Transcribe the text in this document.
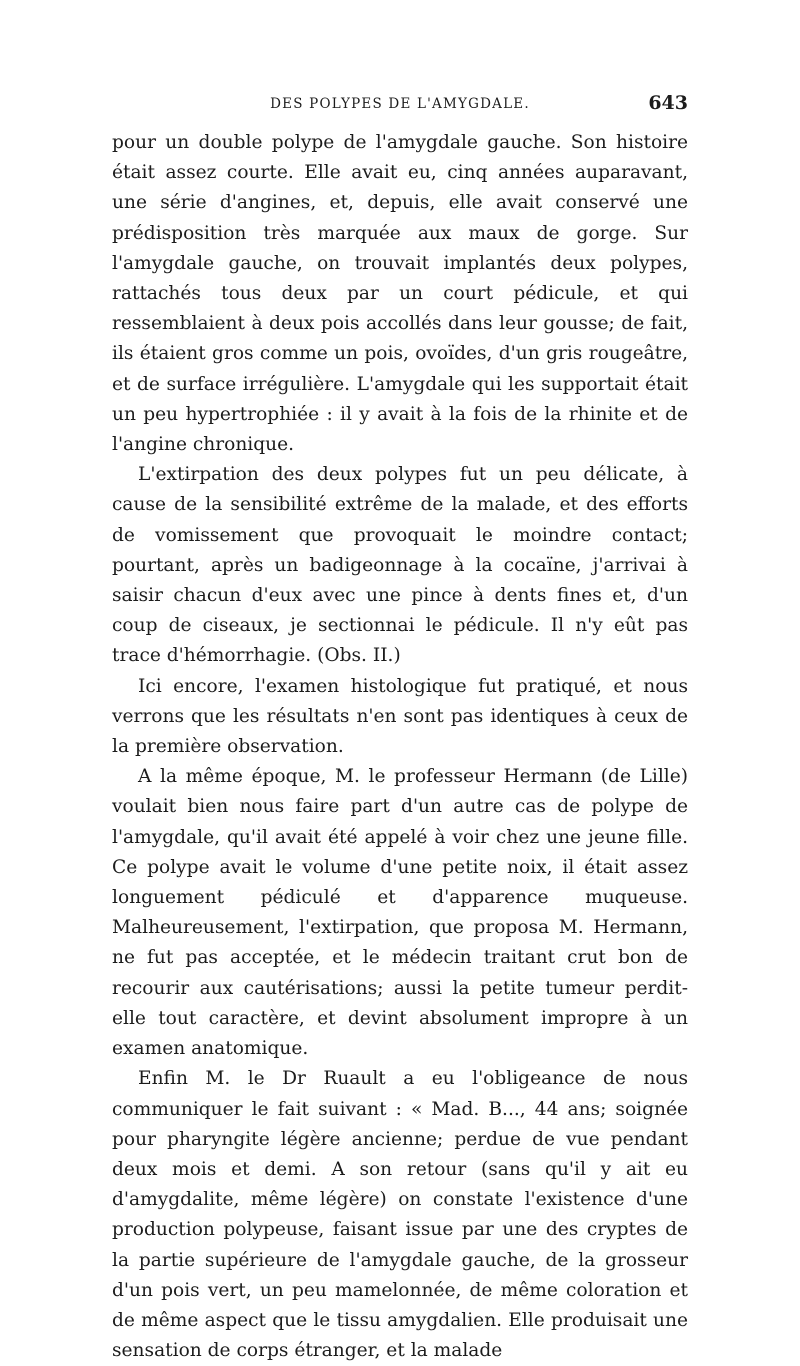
DES POLYPES DE L'AMYGDALE.	643

pour un double polype de l'amygdale gauche. Son histoire était assez courte. Elle avait eu, cinq années auparavant, une série d'angines, et, depuis, elle avait conservé une prédisposition très marquée aux maux de gorge. Sur l'amygdale gauche, on trouvait implantés deux polypes, rattachés tous deux par un court pédicule, et qui ressemblaient à deux pois accollés dans leur gousse; de fait, ils étaient gros comme un pois, ovoïdes, d'un gris rougeâtre, et de surface irrégulière. L'amygdale qui les supportait était un peu hypertrophiée : il y avait à la fois de la rhinite et de l'angine chronique.

L'extirpation des deux polypes fut un peu délicate, à cause de la sensibilité extrême de la malade, et des efforts de vomissement que provoquait le moindre contact; pourtant, après un badigeonnage à la cocaïne, j'arrivai à saisir chacun d'eux avec une pince à dents fines et, d'un coup de ciseaux, je sectionnai le pédicule. Il n'y eût pas trace d'hémorrhagie. (Obs. II.)

Ici encore, l'examen histologique fut pratiqué, et nous verrons que les résultats n'en sont pas identiques à ceux de la première observation.

A la même époque, M. le professeur Hermann (de Lille) voulait bien nous faire part d'un autre cas de polype de l'amygdale, qu'il avait été appelé à voir chez une jeune fille. Ce polype avait le volume d'une petite noix, il était assez longuement pédiculé et d'apparence muqueuse. Malheureusement, l'extirpation, que proposa M. Hermann, ne fut pas acceptée, et le médecin traitant crut bon de recourir aux cautérisations; aussi la petite tumeur perdit-elle tout caractère, et devint absolument impropre à un examen anatomique.

Enfin M. le Dr Ruault a eu l'obligeance de nous communiquer le fait suivant : « Mad. B..., 44 ans; soignée pour pharyngite légère ancienne; perdue de vue pendant deux mois et demi. A son retour (sans qu'il y ait eu d'amygdalite, même légère) on constate l'existence d'une production polypeuse, faisant issue par une des cryptes de la partie supérieure de l'amygdale gauche, de la grosseur d'un pois vert, un peu mamelonnée, de même coloration et de même aspect que le tissu amygdalien. Elle produisait une sensation de corps étranger, et la malade
